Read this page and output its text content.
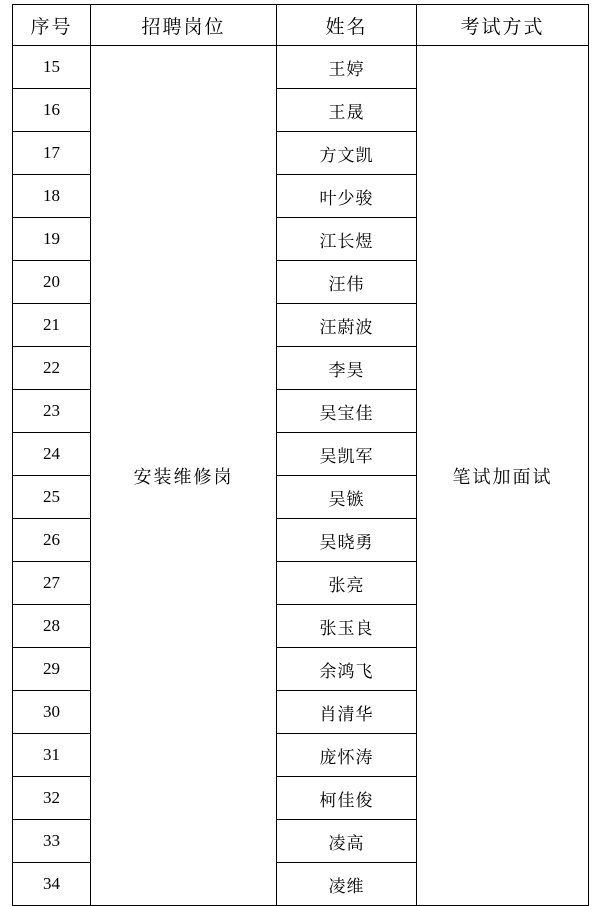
序号	招聘岗位	姓名	考试方式
15	安装维修岗	王婷	笔试加面试
16		王晟	
17		方文凯	
18		叶少骏	
19		江长煜	
20		汪伟	
21		汪蔚波	
22		李昊	
23		吴宝佳	
24		吴凯军	
25		吴镞	
26		吴晓勇	
27		张亮	
28		张玉良	
29		余鸿飞	
30		肖清华	
31		庞怀涛	
32		柯佳俊	
33		凌高	
34		凌维	
